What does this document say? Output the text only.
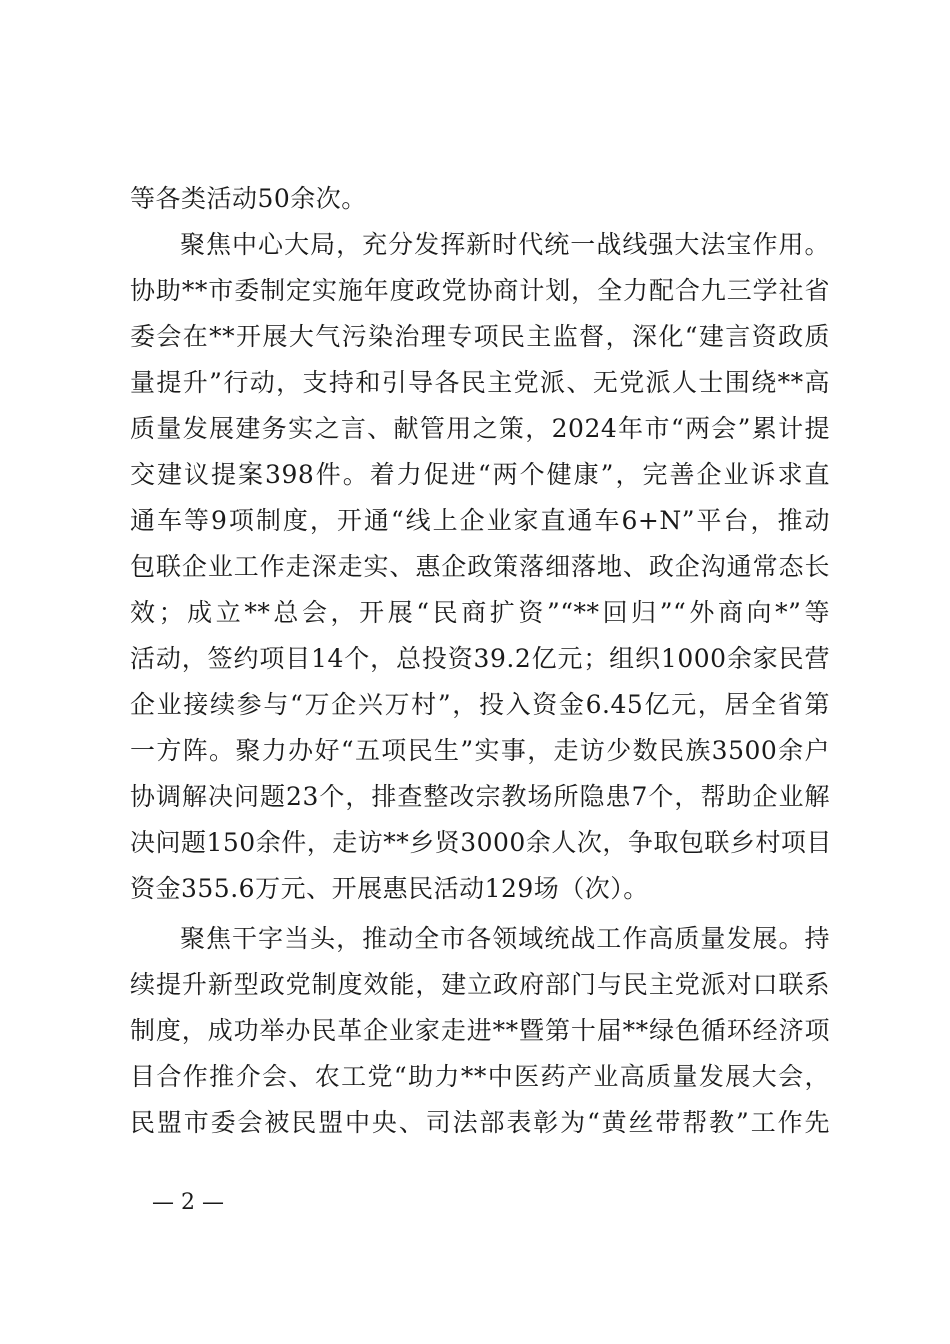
等各类活动50余次。
聚焦中心大局，充分发挥新时代统一战线强大法宝作用。
协助**市委制定实施年度政党协商计划，全力配合九三学社省
委会在**开展大气污染治理专项民主监督，深化“建言资政质
量提升”行动，支持和引导各民主党派、无党派人士围绕**高
质量发展建务实之言、献管用之策，2024年市“两会”累计提
交建议提案398件。着力促进“两个健康”，完善企业诉求直
通车等9项制度，开通“线上企业家直通车6+N”平台，推动
包联企业工作走深走实、惠企政策落细落地、政企沟通常态长
效；成立**总会，开展“民商扩资”“**回归”“外商向*”等
活动，签约项目14个，总投资39.2亿元；组织1000余家民营
企业接续参与“万企兴万村”，投入资金6.45亿元，居全省第
一方阵。聚力办好“五项民生”实事，走访少数民族3500余户
协调解决问题23个，排查整改宗教场所隐患7个，帮助企业解
决问题150余件，走访**乡贤3000余人次，争取包联乡村项目
资金355.6万元、开展惠民活动129场（次）。
聚焦干字当头，推动全市各领域统战工作高质量发展。持
续提升新型政党制度效能，建立政府部门与民主党派对口联系
制度，成功举办民革企业家走进**暨第十届**绿色循环经济项
目合作推介会、农工党“助力**中医药产业高质量发展大会，
民盟市委会被民盟中央、司法部表彰为“黄丝带帮教”工作先
— 2 —
